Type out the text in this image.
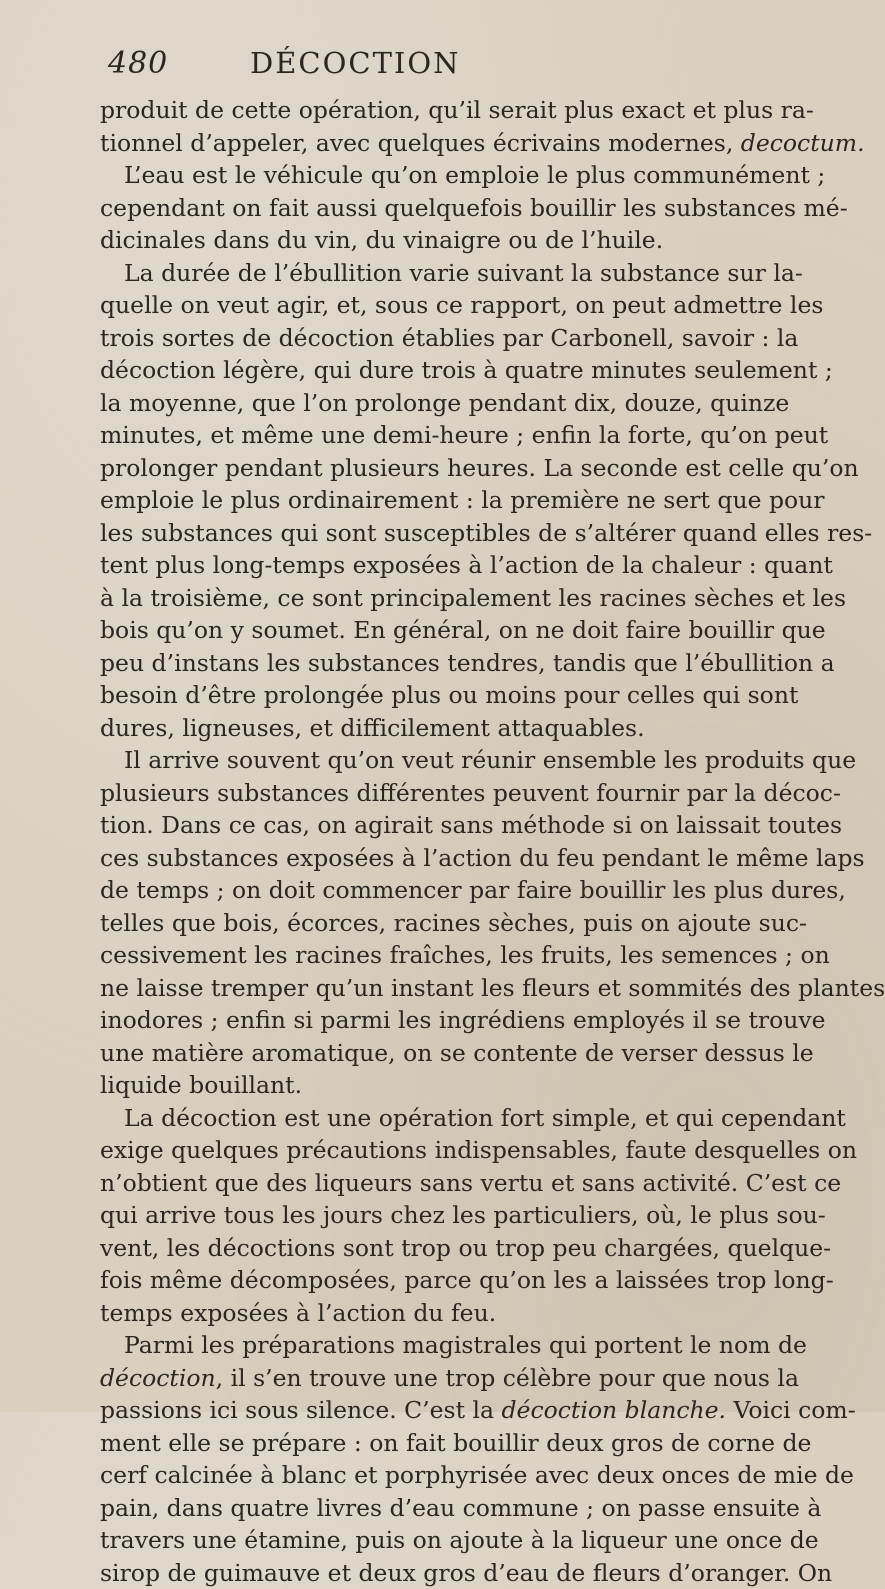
480	DÉCOCTION
produit de cette opération, qu’il serait plus exact et plus ra-
tionnel d’appeler, avec quelques écrivains modernes, decoctum.
L’eau est le véhicule qu’on emploie le plus communément ;
cependant on fait aussi quelquefois bouillir les substances mé-
dicinales dans du vin, du vinaigre ou de l’huile.
La durée de l’ébullition varie suivant la substance sur la-
quelle on veut agir, et, sous ce rapport, on peut admettre les
trois sortes de décoction établies par Carbonell, savoir : la
décoction légère, qui dure trois à quatre minutes seulement ;
la moyenne, que l’on prolonge pendant dix, douze, quinze
minutes, et même une demi-heure ; enfin la forte, qu’on peut
prolonger pendant plusieurs heures. La seconde est celle qu’on
emploie le plus ordinairement : la première ne sert que pour
les substances qui sont susceptibles de s’altérer quand elles res-
tent plus long-temps exposées à l’action de la chaleur : quant
à la troisième, ce sont principalement les racines sèches et les
bois qu’on y soumet. En général, on ne doit faire bouillir que
peu d’instans les substances tendres, tandis que l’ébullition a
besoin d’être prolongée plus ou moins pour celles qui sont
dures, ligneuses, et difficilement attaquables.
Il arrive souvent qu’on veut réunir ensemble les produits que
plusieurs substances différentes peuvent fournir par la décoc-
tion. Dans ce cas, on agirait sans méthode si on laissait toutes
ces substances exposées à l’action du feu pendant le même laps
de temps ; on doit commencer par faire bouillir les plus dures,
telles que bois, écorces, racines sèches, puis on ajoute suc-
cessivement les racines fraîches, les fruits, les semences ; on
ne laisse tremper qu’un instant les fleurs et sommités des plantes
inodores ; enfin si parmi les ingrédiens employés il se trouve
une matière aromatique, on se contente de verser dessus le
liquide bouillant.
La décoction est une opération fort simple, et qui cependant
exige quelques précautions indispensables, faute desquelles on
n’obtient que des liqueurs sans vertu et sans activité. C’est ce
qui arrive tous les jours chez les particuliers, où, le plus sou-
vent, les décoctions sont trop ou trop peu chargées, quelque-
fois même décomposées, parce qu’on les a laissées trop long-
temps exposées à l’action du feu.
Parmi les préparations magistrales qui portent le nom de
décoction, il s’en trouve une trop célèbre pour que nous la
passions ici sous silence. C’est la décoction blanche. Voici com-
ment elle se prépare : on fait bouillir deux gros de corne de
cerf calcinée à blanc et porphyrisée avec deux onces de mie de
pain, dans quatre livres d’eau commune ; on passe ensuite à
travers une étamine, puis on ajoute à la liqueur une once de
sirop de guimauve et deux gros d’eau de fleurs d’oranger. On
